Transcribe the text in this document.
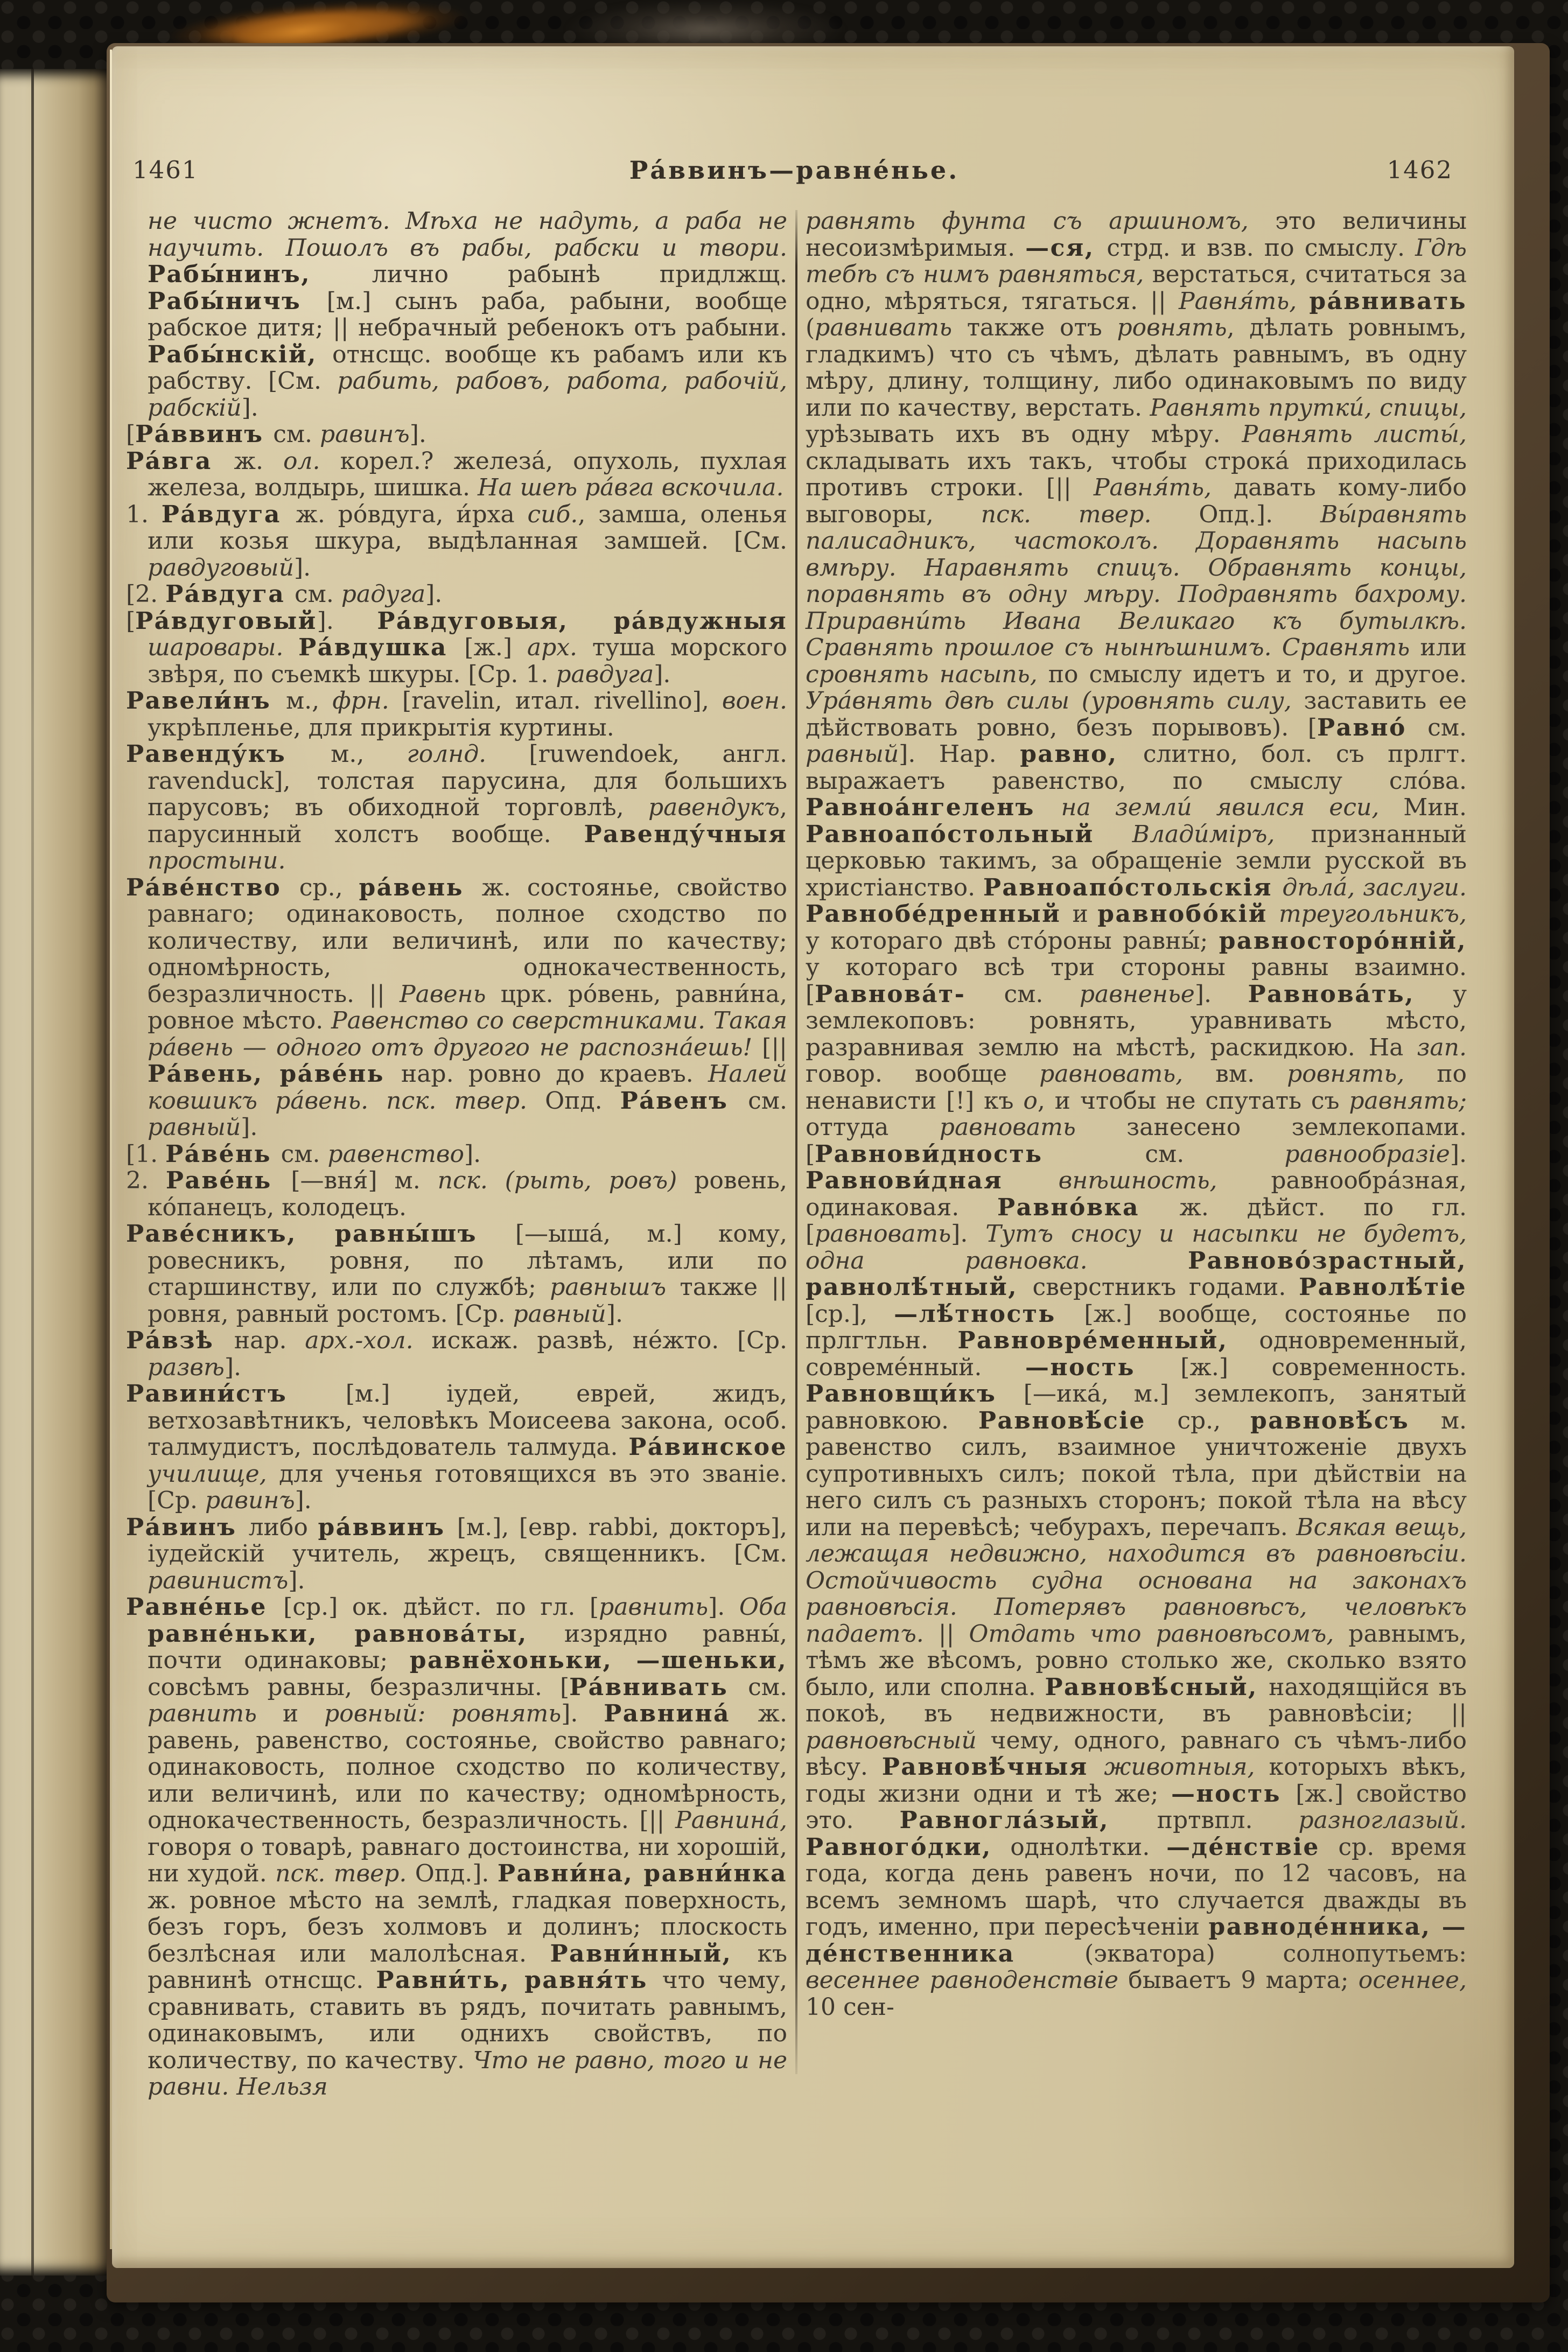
1461	Ра́ввинъ—равне́нье.	1462

не чисто жнетъ. Мѣха не надуть, а раба не научить. Пошолъ въ рабы, рабски и твори. Рабы́нинъ, лично рабынѣ придлжщ. Рабы́ничъ [м.] сынъ раба, рабыни, вообще рабское дитя; || небрачный ребенокъ отъ рабыни. Рабы́нскій, отнсщс. вообще къ рабамъ или къ рабству. [См. рабить, рабовъ, работа, рабочій, рабскій].

[Ра́ввинъ см. равинъ].

Ра́вга ж. ол. корел.? железа́, опухоль, пухлая железа, волдырь, шишка. На шеѣ ра́вга вскочила.

1. Ра́вдуга ж. ро́вдуга, и́рха сиб., замша, оленья или козья шкура, выдѣланная замшей. [См. равдуговый].

[2. Ра́вдуга см. радуга].

[Ра́вдуговый]. Ра́вдуговыя, ра́вдужныя шаровары. Ра́вдушка [ж.] арх. туша морского звѣря, по съемкѣ шкуры. [Ср. 1. равдуга].

Равели́нъ м., фрн. [ravelin, итал. rivellino], воен. укрѣпленье, для прикрытія куртины.

Равенду́къ м., голнд. [ruwendoek, англ. ravenduck], толстая парусина, для большихъ парусовъ; въ обиходной торговлѣ, равендукъ, парусинный холстъ вообще. Равенду́чныя простыни.

Ра́ве́нство ср., ра́вень ж. состоянье, свойство равнаго; одинаковость, полное сходство по количеству, или величинѣ, или по качеству; одномѣрность, однокачественность, безразличность. || Равень црк. ро́вень, равни́на, ровное мѣсто. Равенство со сверстниками. Такая ра́вень — одного отъ другого не распозна́ешь! [|| Ра́вень, ра́ве́нь нар. ровно до краевъ. Налей ковшикъ ра́вень. пск. твер. Опд. Ра́венъ см. равный].

[1. Ра́ве́нь см. равенство].

2. Раве́нь [—вня́] м. пск. (рыть, ровъ) ровень, ко́панецъ, колодецъ.

Раве́сникъ, равны́шъ [—ыша́, м.] кому, ровесникъ, ровня, по лѣтамъ, или по старшинству, или по службѣ; равнышъ также || ровня, равный ростомъ. [Ср. равный].

Ра́взѣ нар. арх.-хол. искаж. развѣ, не́жто. [Ср. развѣ].

Равини́стъ [м.] іудей, еврей, жидъ, ветхозавѣтникъ, человѣкъ Моисеева закона, особ. талмудистъ, послѣдователь талмуда. Ра́винское училище, для ученья готовящихся въ это званіе. [Ср. равинъ].

Ра́винъ либо ра́ввинъ [м.], [евр. rabbi, докторъ], іудейскій учитель, жрецъ, священникъ. [См. равинистъ].

Равне́нье [ср.] ок. дѣйст. по гл. [равнить]. Оба равне́ньки, равнова́ты, изрядно равны́, почти одинаковы; равнёхоньки, —шеньки, совсѣмъ равны, безразличны. [Ра́внивать см. равнить и ровный: ровнять]. Равнина́ ж. равень, равенство, состоянье, свойство равнаго; одинаковость, полное сходство по количеству, или величинѣ, или по качеству; одномѣрность, однокачественность, безразличность. [|| Равнина́, говоря о товарѣ, равнаго достоинства, ни хорошій, ни худой. пск. твер. Опд.]. Равни́на, равни́нка ж. ровное мѣсто на землѣ, гладкая поверхность, безъ горъ, безъ холмовъ и долинъ; плоскость безлѣсная или малолѣсная. Равни́нный, къ равнинѣ отнсщс. Равни́ть, равня́ть что чему, сравнивать, ставить въ рядъ, почитать равнымъ, одинаковымъ, или однихъ свойствъ, по количеству, по качеству. Что не равно, того и не равни. Нельзя

равнять фунта съ аршиномъ, это величины несоизмѣримыя. —ся, стрд. и взв. по смыслу. Гдѣ тебѣ съ нимъ равняться, верстаться, считаться за одно, мѣряться, тягаться. || Равня́ть, ра́внивать (равнивать также отъ ровнять, дѣлать ровнымъ, гладкимъ) что съ чѣмъ, дѣлать равнымъ, въ одну мѣру, длину, толщину, либо одинаковымъ по виду или по качеству, верстать. Равнять прутки́, спицы, урѣзывать ихъ въ одну мѣру. Равнять листы́, складывать ихъ такъ, чтобы строка́ приходилась противъ строки. [|| Равня́ть, давать кому-либо выговоры, пск. твер. Опд.]. Вы́равнять палисадникъ, частоколъ. Доравнять насыпь вмѣру. Наравнять спицъ. Обравнять концы, поравнять въ одну мѣру. Подравнять бахрому. Приравни́ть Ивана Великаго къ бутылкѣ. Сравнять прошлое съ нынѣшнимъ. Сравнять или сровнять насыпь, по смыслу идетъ и то, и другое. Ура́внять двѣ силы (уровнять силу, заставить ее дѣйствовать ровно, безъ порывовъ). [Равно́ см. равный]. Нар. равно, слитно, бол. съ прлгт. выражаетъ равенство, по смыслу сло́ва. Равноа́нгеленъ на земли́ явился еси, Мин. Равноапо́стольный Влади́міръ, признанный церковью такимъ, за обращеніе земли русской въ христіанство. Равноапо́стольскія дѣла́, заслуги. Равнобе́дренный и равнобо́кій треугольникъ, у котораго двѣ сто́роны равны́; равносторо́нній, у котораго всѣ три стороны равны взаимно. [Равнова́т- см. равненье]. Равнова́ть, у землекоповъ: ровнять, уравнивать мѣсто, разравнивая землю на мѣстѣ, раскидкою. На зап. говор. вообще равновать, вм. ровнять, по ненависти [!] къ о, и чтобы не спутать съ равнять; оттуда равновать занесено землекопами. [Равнови́дность см. равнообразіе]. Равнови́дная внѣшность, равнообра́зная, одинаковая. Равно́вка ж. дѣйст. по гл. [равновать]. Тутъ сносу и насыпки не будетъ, одна равновка. Равново́зрастный, равнолѣ́тный, сверстникъ годами. Равнолѣ́тіе [ср.], —лѣ́тность [ж.] вообще, состоянье по прлгтльн. Равновре́менный, одновременный, совреме́нный. —ность [ж.] современность. Равновщи́къ [—ика́, м.] землекопъ, занятый равновкою. Равновѣ́сіе ср., равновѣ́съ м. равенство силъ, взаимное уничтоженіе двухъ супротивныхъ силъ; покой тѣла, при дѣйствіи на него силъ съ разныхъ сторонъ; покой тѣла на вѣсу или на перевѣсѣ; чебурахъ, перечапъ. Всякая вещь, лежащая недвижно, находится въ равновѣсіи. Остойчивость судна основана на законахъ равновѣсія. Потерявъ равновѣсъ, человѣкъ падаетъ. || Отдать что равновѣсомъ, равнымъ, тѣмъ же вѣсомъ, ровно столько же, сколько взято было, или сполна. Равновѣ́сный, находящійся въ покоѣ, въ недвижности, въ равновѣсіи; || равновѣсный чему, одного, равнаго съ чѣмъ-либо вѣсу. Равновѣ́чныя животныя, которыхъ вѣкъ, годы жизни одни и тѣ же; —ность [ж.] свойство это. Равногла́зый, пртвпл. разноглазый. Равного́дки, однолѣтки. —де́нствіе ср. время года, когда день равенъ ночи, по 12 часовъ, на всемъ земномъ шарѣ, что случается дважды въ годъ, именно, при пересѣченіи равноде́нника, —де́нственника (экватора) солнопутьемъ: весеннее равноденствіе бываетъ 9 марта; осеннее, 10 сен-
